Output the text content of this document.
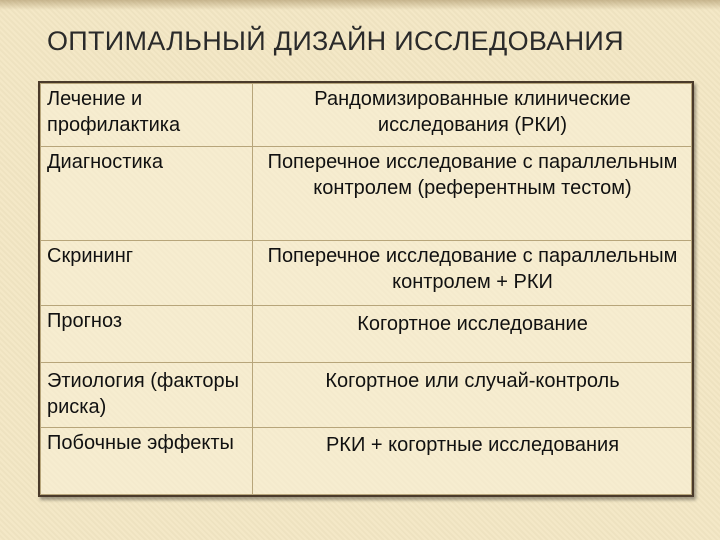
ОПТИМАЛЬНЫЙ ДИЗАЙН ИССЛЕДОВАНИЯ
Лечение и профилактика	Рандомизированные клинические исследования (РКИ)
Диагностика	Поперечное исследование с параллельным контролем (референтным тестом)
Скрининг	Поперечное исследование с параллельным контролем + РКИ
Прогноз	Когортное исследование
Этиология (факторы риска)	Когортное или случай-контроль
Побочные эффекты	РКИ + когортные исследования
